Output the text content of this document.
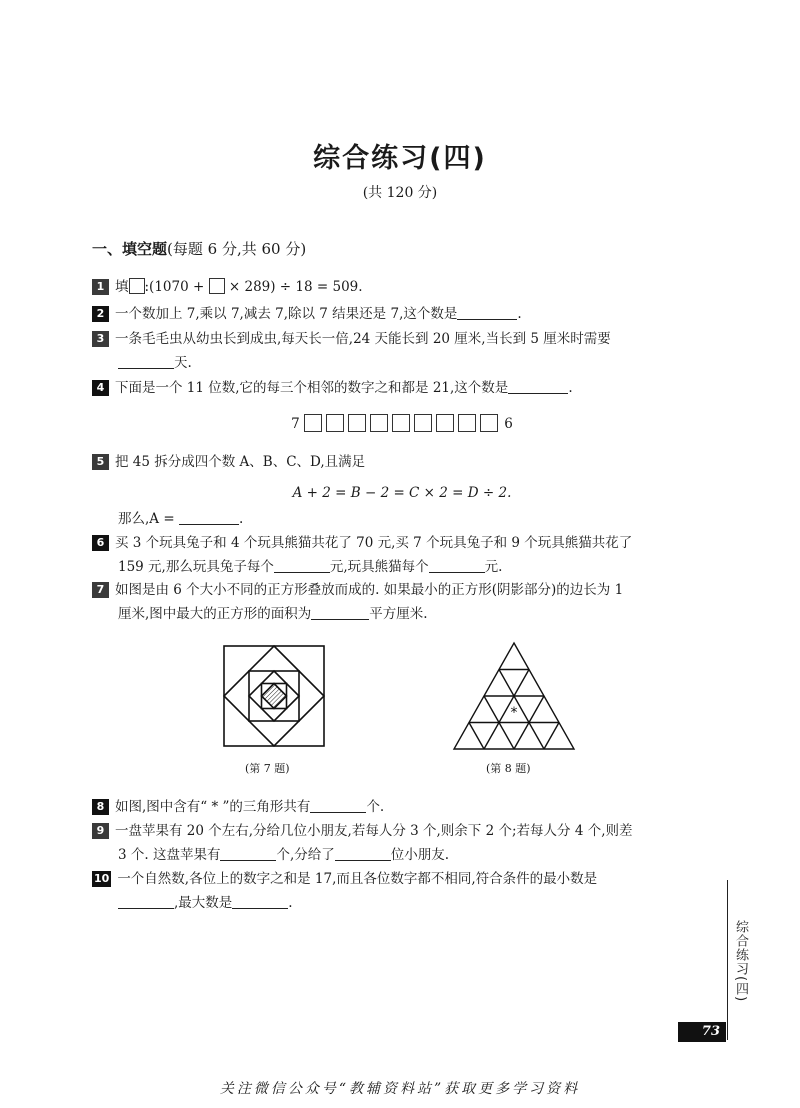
综合练习(四)
(共 120 分)
一、填空题(每题 6 分,共 60 分)
1 填 :(1070 + × 289) ÷ 18 = 509.
2 一个数加上 7,乘以 7,减去 7,除以 7 结果还是 7,这个数是	.
3 一条毛毛虫从幼虫长到成虫,每天长一倍,24 天能长到 20 厘米,当长到 5 厘米时需要
天.
4 下面是一个 11 位数,它的每三个相邻的数字之和都是 21,这个数是	.
7	6
5 把 45 拆分成四个数 A、B、C、D,且满足
A + 2 = B − 2 = C × 2 = D ÷ 2.
那么,A =	.
6 买 3 个玩具兔子和 4 个玩具熊猫共花了 70 元,买 7 个玩具兔子和 9 个玩具熊猫共花了
159 元,那么玩具兔子每个	元,玩具熊猫每个	元.
7 如图是由 6 个大小不同的正方形叠放而成的. 如果最小的正方形(阴影部分)的边长为 1
厘米,图中最大的正方形的面积为	平方厘米.
*
(第 7 题)	(第 8 题)
8 如图,图中含有“ * ”的三角形共有	个.
9 一盘苹果有 20 个左右,分给几位小朋友,若每人分 3 个,则余下 2 个;若每人分 4 个,则差
3 个. 这盘苹果有	个,分给了	位小朋友.
10 一个自然数,各位上的数字之和是 17,而且各位数字都不相同,符合条件的最小数是
,最大数是	.
综合练习(四)
73
关注微信公众号“教辅资料站”获取更多学习资料
